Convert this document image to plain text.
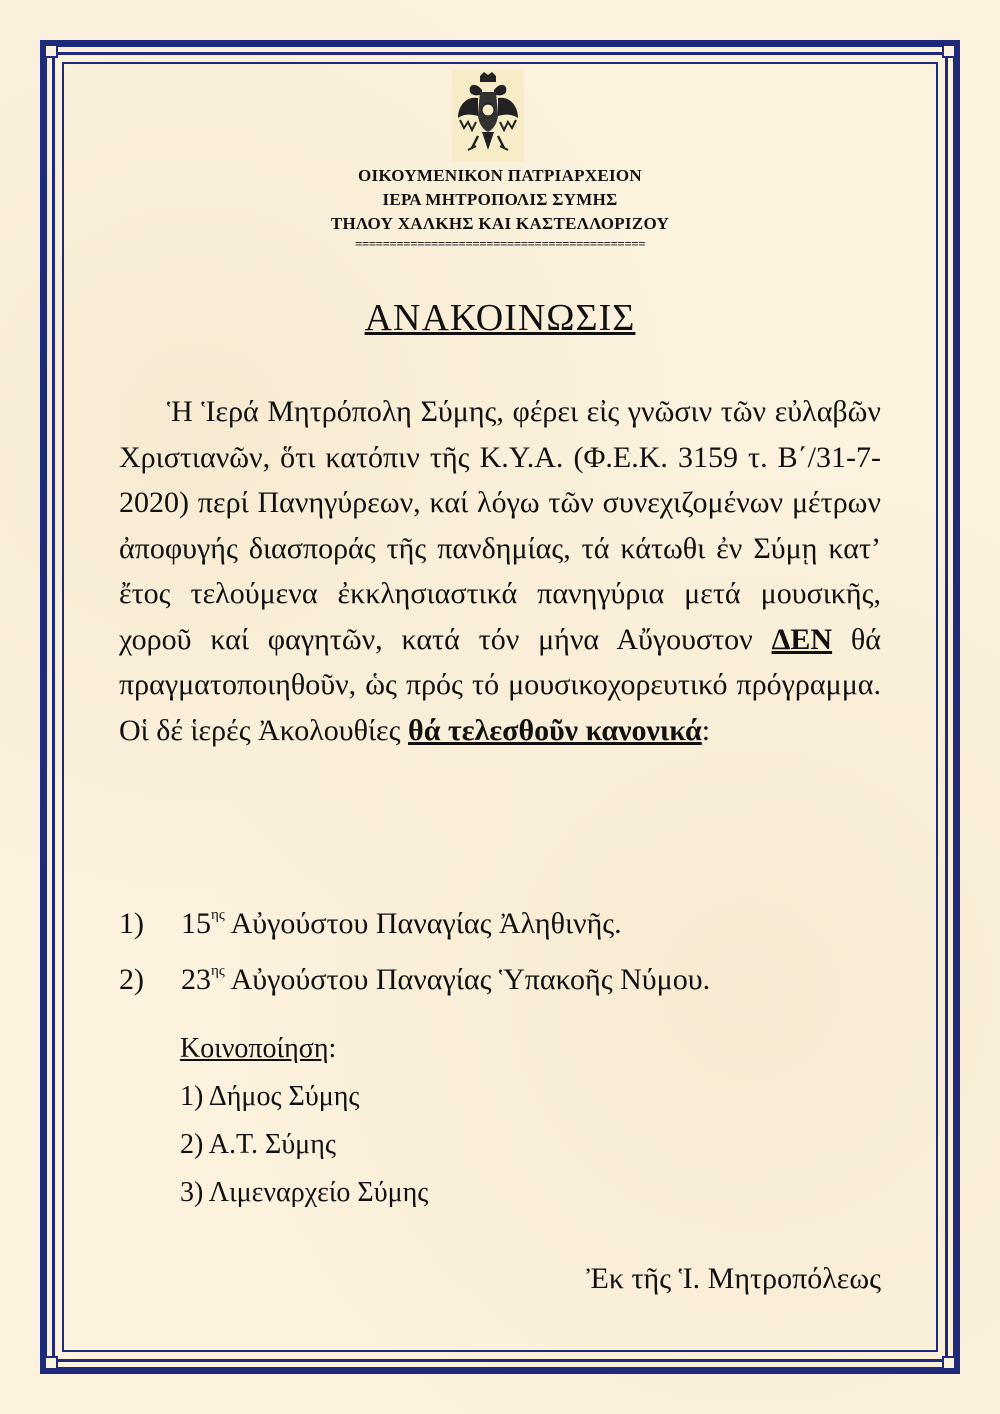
ΟΙΚΟΥΜΕΝΙΚΟΝ ΠΑΤΡΙΑΡΧΕΙΟΝ
ΙΕΡΑ ΜΗΤΡΟΠΟΛΙΣ ΣΥΜΗΣ
ΤΗΛΟΥ ΧΑΛΚΗΣ ΚΑΙ ΚΑΣΤΕΛΛΟΡΙΖΟΥ
==========================================
ΑΝΑΚΟΙΝΩΣΙΣ
Ἡ Ἱερά Μητρόπολη Σύμης, φέρει εἰς γνῶσιν τῶν εὐλαβῶν Χριστιανῶν, ὅτι κατόπιν τῆς Κ.Υ.Α. (Φ.Ε.Κ. 3159 τ. Β΄/31-7-2020) περί Πανηγύρεων, καί λόγω τῶν συνεχιζομένων μέτρων ἀποφυγής διασποράς τῆς πανδημίας, τά κάτωθι ἐν Σύμῃ κατ’ ἔτος τελούμενα ἐκκλησιαστικά πανηγύρια μετά μουσικῆς, χοροῦ καί φαγητῶν, κατά τόν μήνα Αὔγουστον ΔΕΝ θά πραγματοποιηθοῦν, ὡς πρός τό μουσικοχορευτικό πρόγραμμα. Οἱ δέ ἱερές Ἀκολουθίες θά τελεσθοῦν κανονικά:
1)	$15^{\eta\varsigma}$ Αὐγούστου Παναγίας Ἀληθινῆς.
2)	$23^{\eta\varsigma}$ Αὐγούστου Παναγίας Ὑπακοῆς Νύμου.
Κοινοποίηση:
1) Δήμος Σύμης
2) Α.Τ. Σύμης
3) Λιμεναρχείο Σύμης
Ἐκ τῆς Ἱ. Μητροπόλεως
